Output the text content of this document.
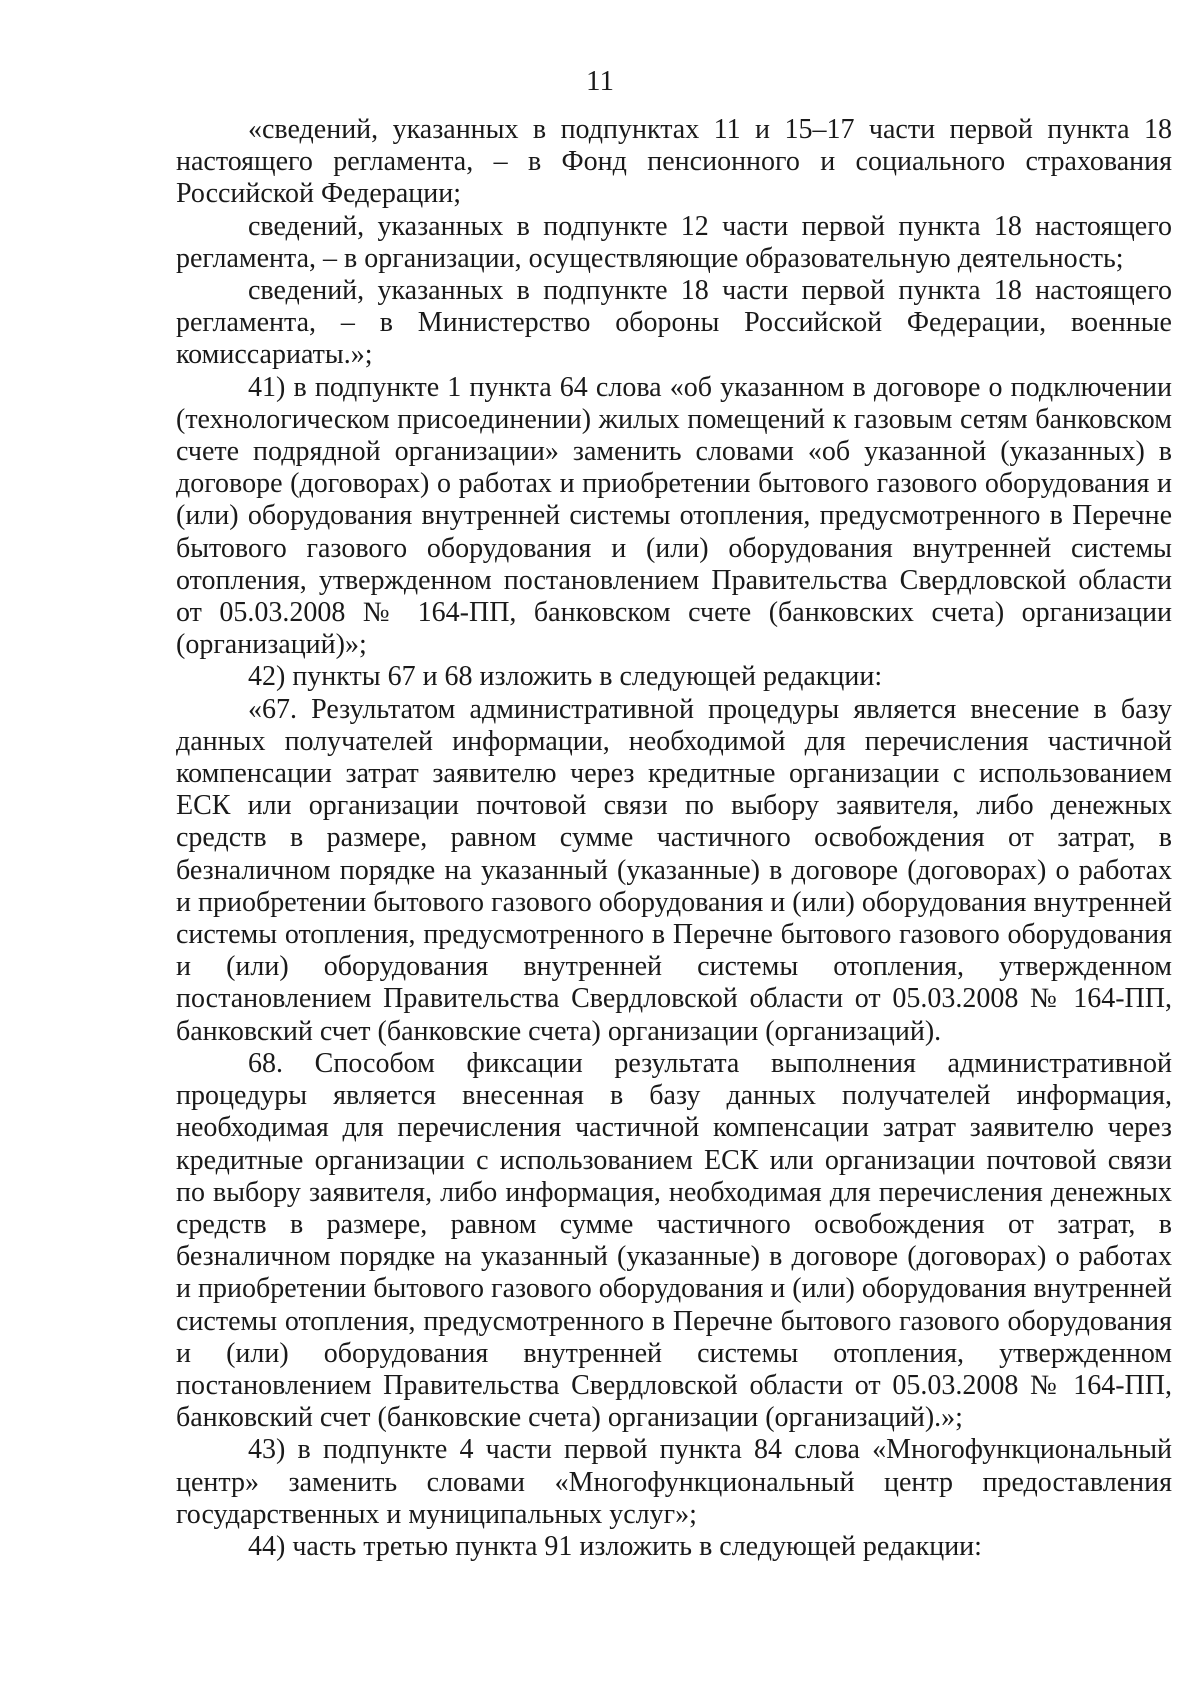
11

«сведений, указанных в подпунктах 11 и 15–17 части первой пункта 18 настоящего регламента, – в Фонд пенсионного и социального страхования Российской Федерации;

сведений, указанных в подпункте 12 части первой пункта 18 настоящего регламента, – в организации, осуществляющие образовательную деятельность;

сведений, указанных в подпункте 18 части первой пункта 18 настоящего регламента, – в Министерство обороны Российской Федерации, военные комиссариаты.»;

41) в подпункте 1 пункта 64 слова «об указанном в договоре о подключении (технологическом присоединении) жилых помещений к газовым сетям банковском счете подрядной организации» заменить словами «об указанной (указанных) в договоре (договорах) о работах и приобретении бытового газового оборудования и (или) оборудования внутренней системы отопления, предусмотренного в Перечне бытового газового оборудования и (или) оборудования внутренней системы отопления, утвержденном постановлением Правительства Свердловской области от 05.03.2008 № 164-ПП, банковском счете (банковских счета) организации (организаций)»;

42) пункты 67 и 68 изложить в следующей редакции:

«67. Результатом административной процедуры является внесение в базу данных получателей информации, необходимой для перечисления частичной компенсации затрат заявителю через кредитные организации с использованием ЕСК или организации почтовой связи по выбору заявителя, либо денежных средств в размере, равном сумме частичного освобождения от затрат, в безналичном порядке на указанный (указанные) в договоре (договорах) о работах и приобретении бытового газового оборудования и (или) оборудования внутренней системы отопления, предусмотренного в Перечне бытового газового оборудования и (или) оборудования внутренней системы отопления, утвержденном постановлением Правительства Свердловской области от 05.03.2008 № 164-ПП, банковский счет (банковские счета) организации (организаций).

68. Способом фиксации результата выполнения административной процедуры является внесенная в базу данных получателей информация, необходимая для перечисления частичной компенсации затрат заявителю через кредитные организации с использованием ЕСК или организации почтовой связи по выбору заявителя, либо информация, необходимая для перечисления денежных средств в размере, равном сумме частичного освобождения от затрат, в безналичном порядке на указанный (указанные) в договоре (договорах) о работах и приобретении бытового газового оборудования и (или) оборудования внутренней системы отопления, предусмотренного в Перечне бытового газового оборудования и (или) оборудования внутренней системы отопления, утвержденном постановлением Правительства Свердловской области от 05.03.2008 № 164-ПП, банковский счет (банковские счета) организации (организаций).»;

43) в подпункте 4 части первой пункта 84 слова «Многофункциональный центр» заменить словами «Многофункциональный центр предоставления государственных и муниципальных услуг»;

44) часть третью пункта 91 изложить в следующей редакции:
